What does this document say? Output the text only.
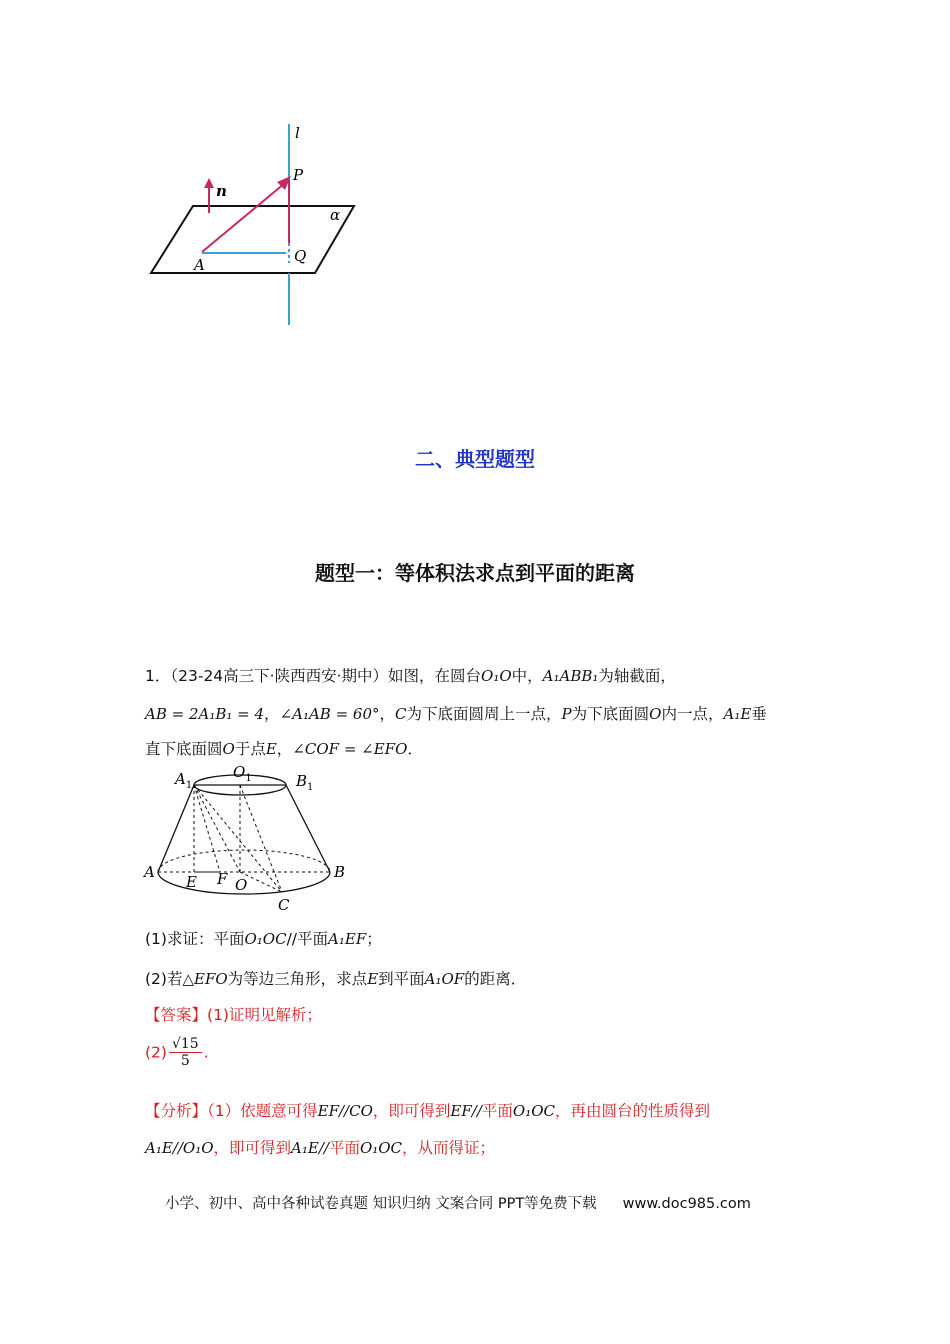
l
n
P
α
A	Q
二、典型题型
题型一：等体积法求点到平面的距离
1．（23-24高三下·陕西西安·期中）如图，在圆台O₁O中，A₁ABB₁为轴截面，
AB = 2A₁B₁ = 4，∠A₁AB = 60°，C为下底面圆周上一点，P为下底面圆O内一点，A₁E垂
直下底面圆O于点E，∠COF = ∠EFO．
$A_1$
$O_1$	$B_1$
A	B
E F O
C
(1)求证：平面O₁OC//平面A₁EF；
(2)若△EFO为等边三角形，求点E到平面A₁OF的距离．
【答案】(1)证明见解析；
$(2) \frac{√15}{5}$ .
【分析】（1）依题意可得EF//CO，即可得到EF//平面O₁OC，再由圆台的性质得到
A₁E//O₁O，即可得到A₁E//平面O₁OC，从而得证；
小学、初中、高中各种试卷真题 知识归纳 文案合同 PPT等免费下载 www.doc985.com
